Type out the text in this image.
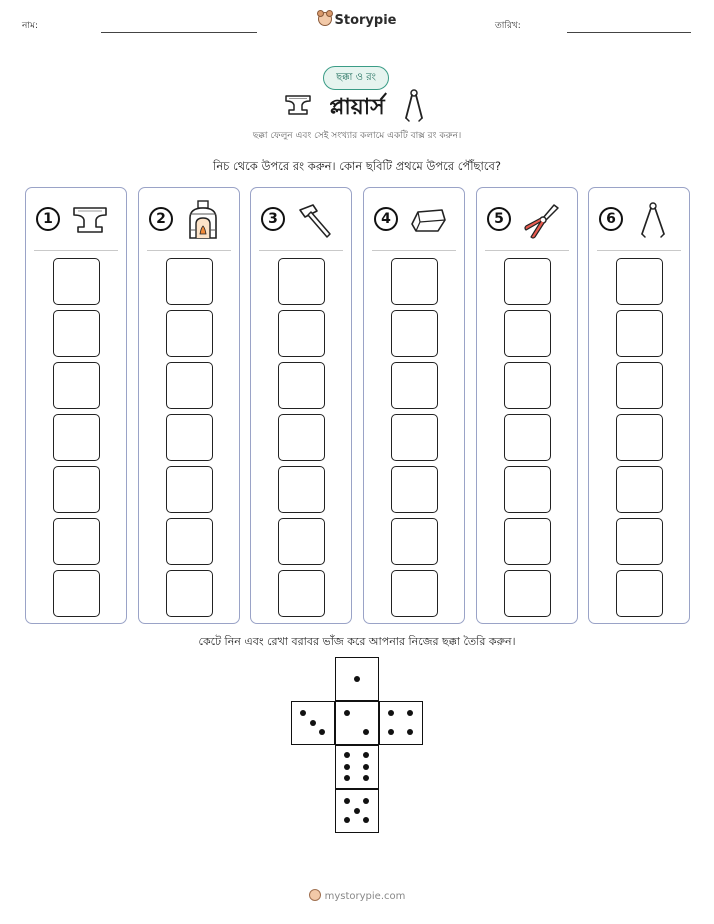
নাম:	Storypie	তারিখ:
ছক্কা ও রং
প্লায়ার্স
ছক্কা ফেলুন এবং সেই সংখ্যার কলামে একটি বাক্স রং করুন।
নিচ থেকে উপরে রং করুন। কোন ছবিটি প্রথমে উপরে পৌঁছাবে?
1	2	3	4	5	6
কেটে নিন এবং রেখা বরাবর ভাঁজ করে আপনার নিজের ছক্কা তৈরি করুন।
mystorypie.com
